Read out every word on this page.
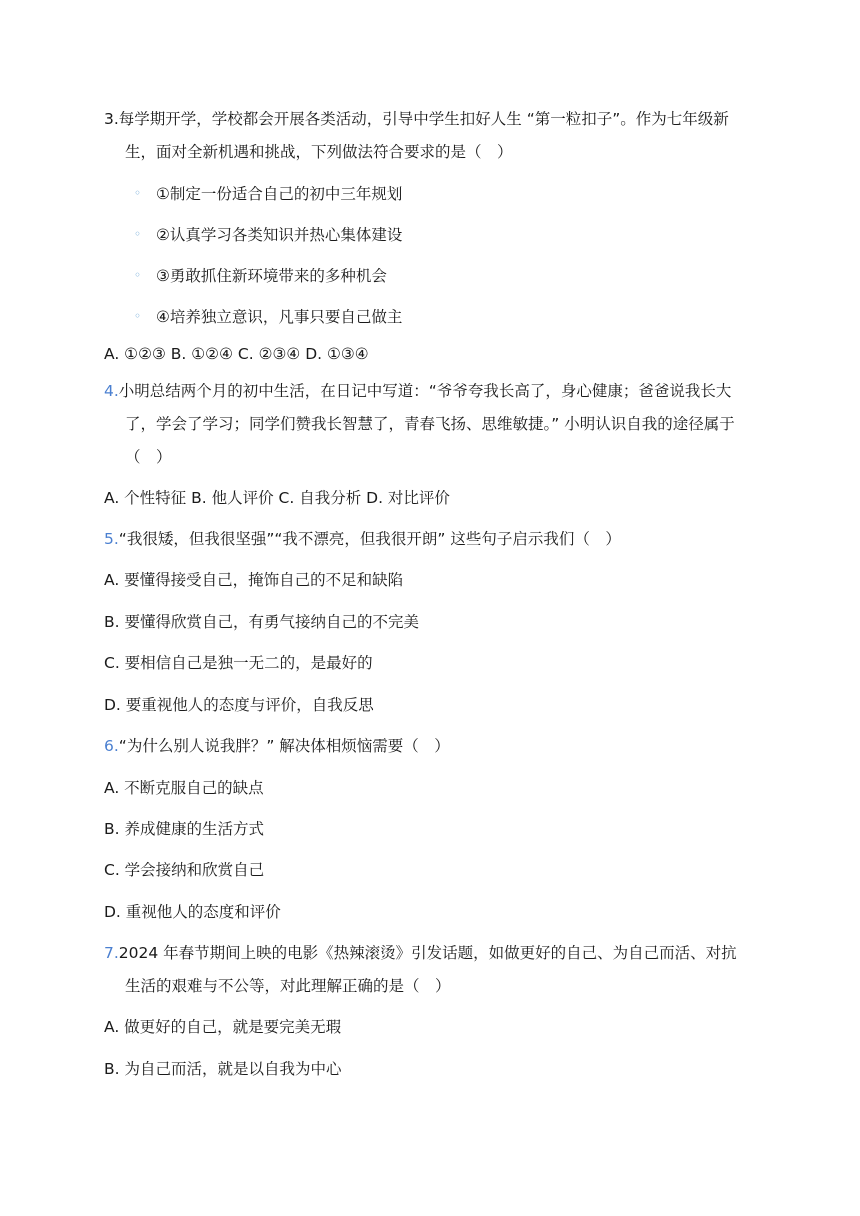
3.每学期开学，学校都会开展各类活动，引导中学生扣好人生 “第一粒扣子”。作为七年级新
生，面对全新机遇和挑战，下列做法符合要求的是（　）
◦ ①制定一份适合自己的初中三年规划
◦ ②认真学习各类知识并热心集体建设
◦ ③勇敢抓住新环境带来的多种机会
◦ ④培养独立意识，凡事只要自己做主
A. ①②③ B. ①②④ C. ②③④ D. ①③④
4.小明总结两个月的初中生活，在日记中写道：“爷爷夸我长高了，身心健康；爸爸说我长大
了，学会了学习；同学们赞我长智慧了，青春飞扬、思维敏捷。” 小明认识自我的途径属于
（　）
A. 个性特征 B. 他人评价 C. 自我分析 D. 对比评价
5.“我很矮，但我很坚强”“我不漂亮，但我很开朗” 这些句子启示我们（　）
A. 要懂得接受自己，掩饰自己的不足和缺陷
B. 要懂得欣赏自己，有勇气接纳自己的不完美
C. 要相信自己是独一无二的，是最好的
D. 要重视他人的态度与评价，自我反思
6.“为什么别人说我胖？” 解决体相烦恼需要（　）
A. 不断克服自己的缺点
B. 养成健康的生活方式
C. 学会接纳和欣赏自己
D. 重视他人的态度和评价
7.2024 年春节期间上映的电影《热辣滚烫》引发话题，如做更好的自己、为自己而活、对抗
生活的艰难与不公等，对此理解正确的是（　）
A. 做更好的自己，就是要完美无瑕
B. 为自己而活，就是以自我为中心
